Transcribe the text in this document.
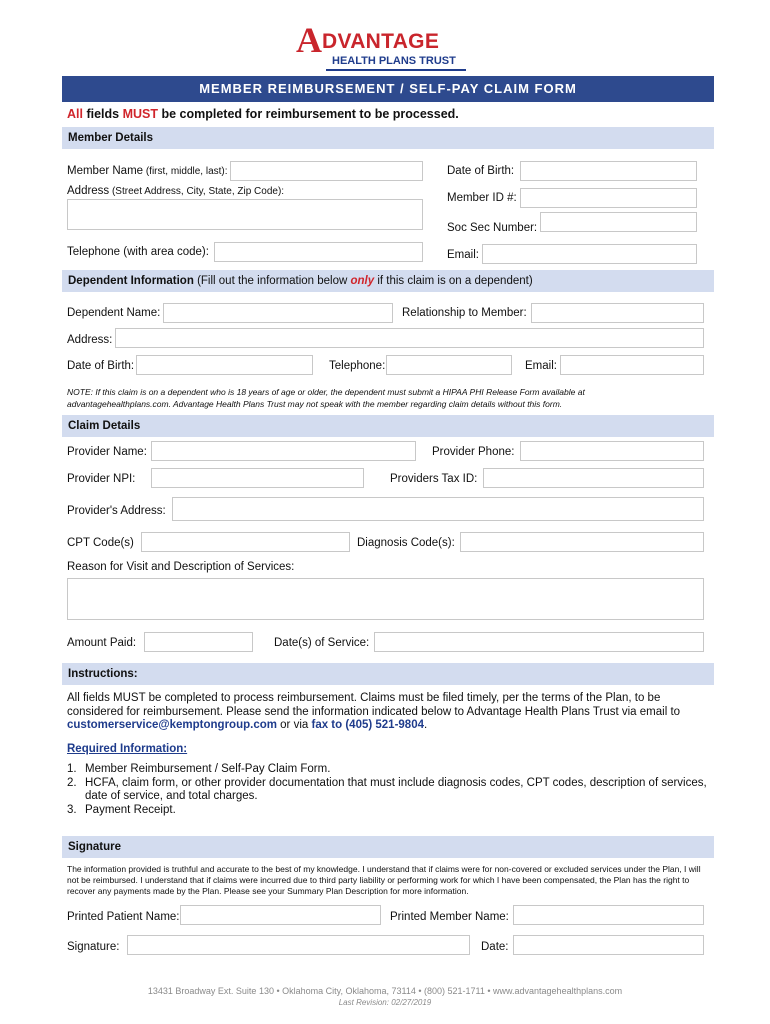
A DVANTAGE
HEALTH PLANS TRUST
MEMBER REIMBURSEMENT / SELF-PAY CLAIM FORM
All fields MUST be completed for reimbursement to be processed.
Member Details
Member Name (first, middle, last):
Address (Street Address, City, State, Zip Code):
Telephone (with area code):
Date of Birth:
Member ID #:
Soc Sec Number:
Email:
Dependent Information (Fill out the information below only if this claim is on a dependent)
Dependent Name:	Relationship to Member:
Address:
Date of Birth:	Telephone:	Email:
NOTE: If this claim is on a dependent who is 18 years of age or older, the dependent must submit a HIPAA PHI Release Form available at advantagehealthplans.com. Advantage Health Plans Trust may not speak with the member regarding claim details without this form.
Claim Details
Provider Name:	Provider Phone:
Provider NPI:	Providers Tax ID:
Provider's Address:
CPT Code(s)	Diagnosis Code(s):
Reason for Visit and Description of Services:
Amount Paid:	Date(s) of Service:
Instructions:
All fields MUST be completed to process reimbursement. Claims must be filed timely, per the terms of the Plan, to be considered for reimbursement. Please send the information indicated below to Advantage Health Plans Trust via email to customerservice@kemptongroup.com or via fax to (405) 521-9804.
Required Information:
1. Member Reimbursement / Self-Pay Claim Form.
2. HCFA, claim form, or other provider documentation that must include diagnosis codes, CPT codes, description of services, date of service, and total charges.
3. Payment Receipt.
Signature
The information provided is truthful and accurate to the best of my knowledge. I understand that if claims were for non-covered or excluded services under the Plan, I will not be reimbursed. I understand that if claims were incurred due to third party liability or performing work for which I have been compensated, the Plan has the right to recover any payments made by the Plan. Please see your Summary Plan Description for more information.
Printed Patient Name:	Printed Member Name:
Signature:	Date:
13431 Broadway Ext. Suite 130 • Oklahoma City, Oklahoma, 73114 • (800) 521-1711 • www.advantagehealthplans.com
Last Revision: 02/27/2019
